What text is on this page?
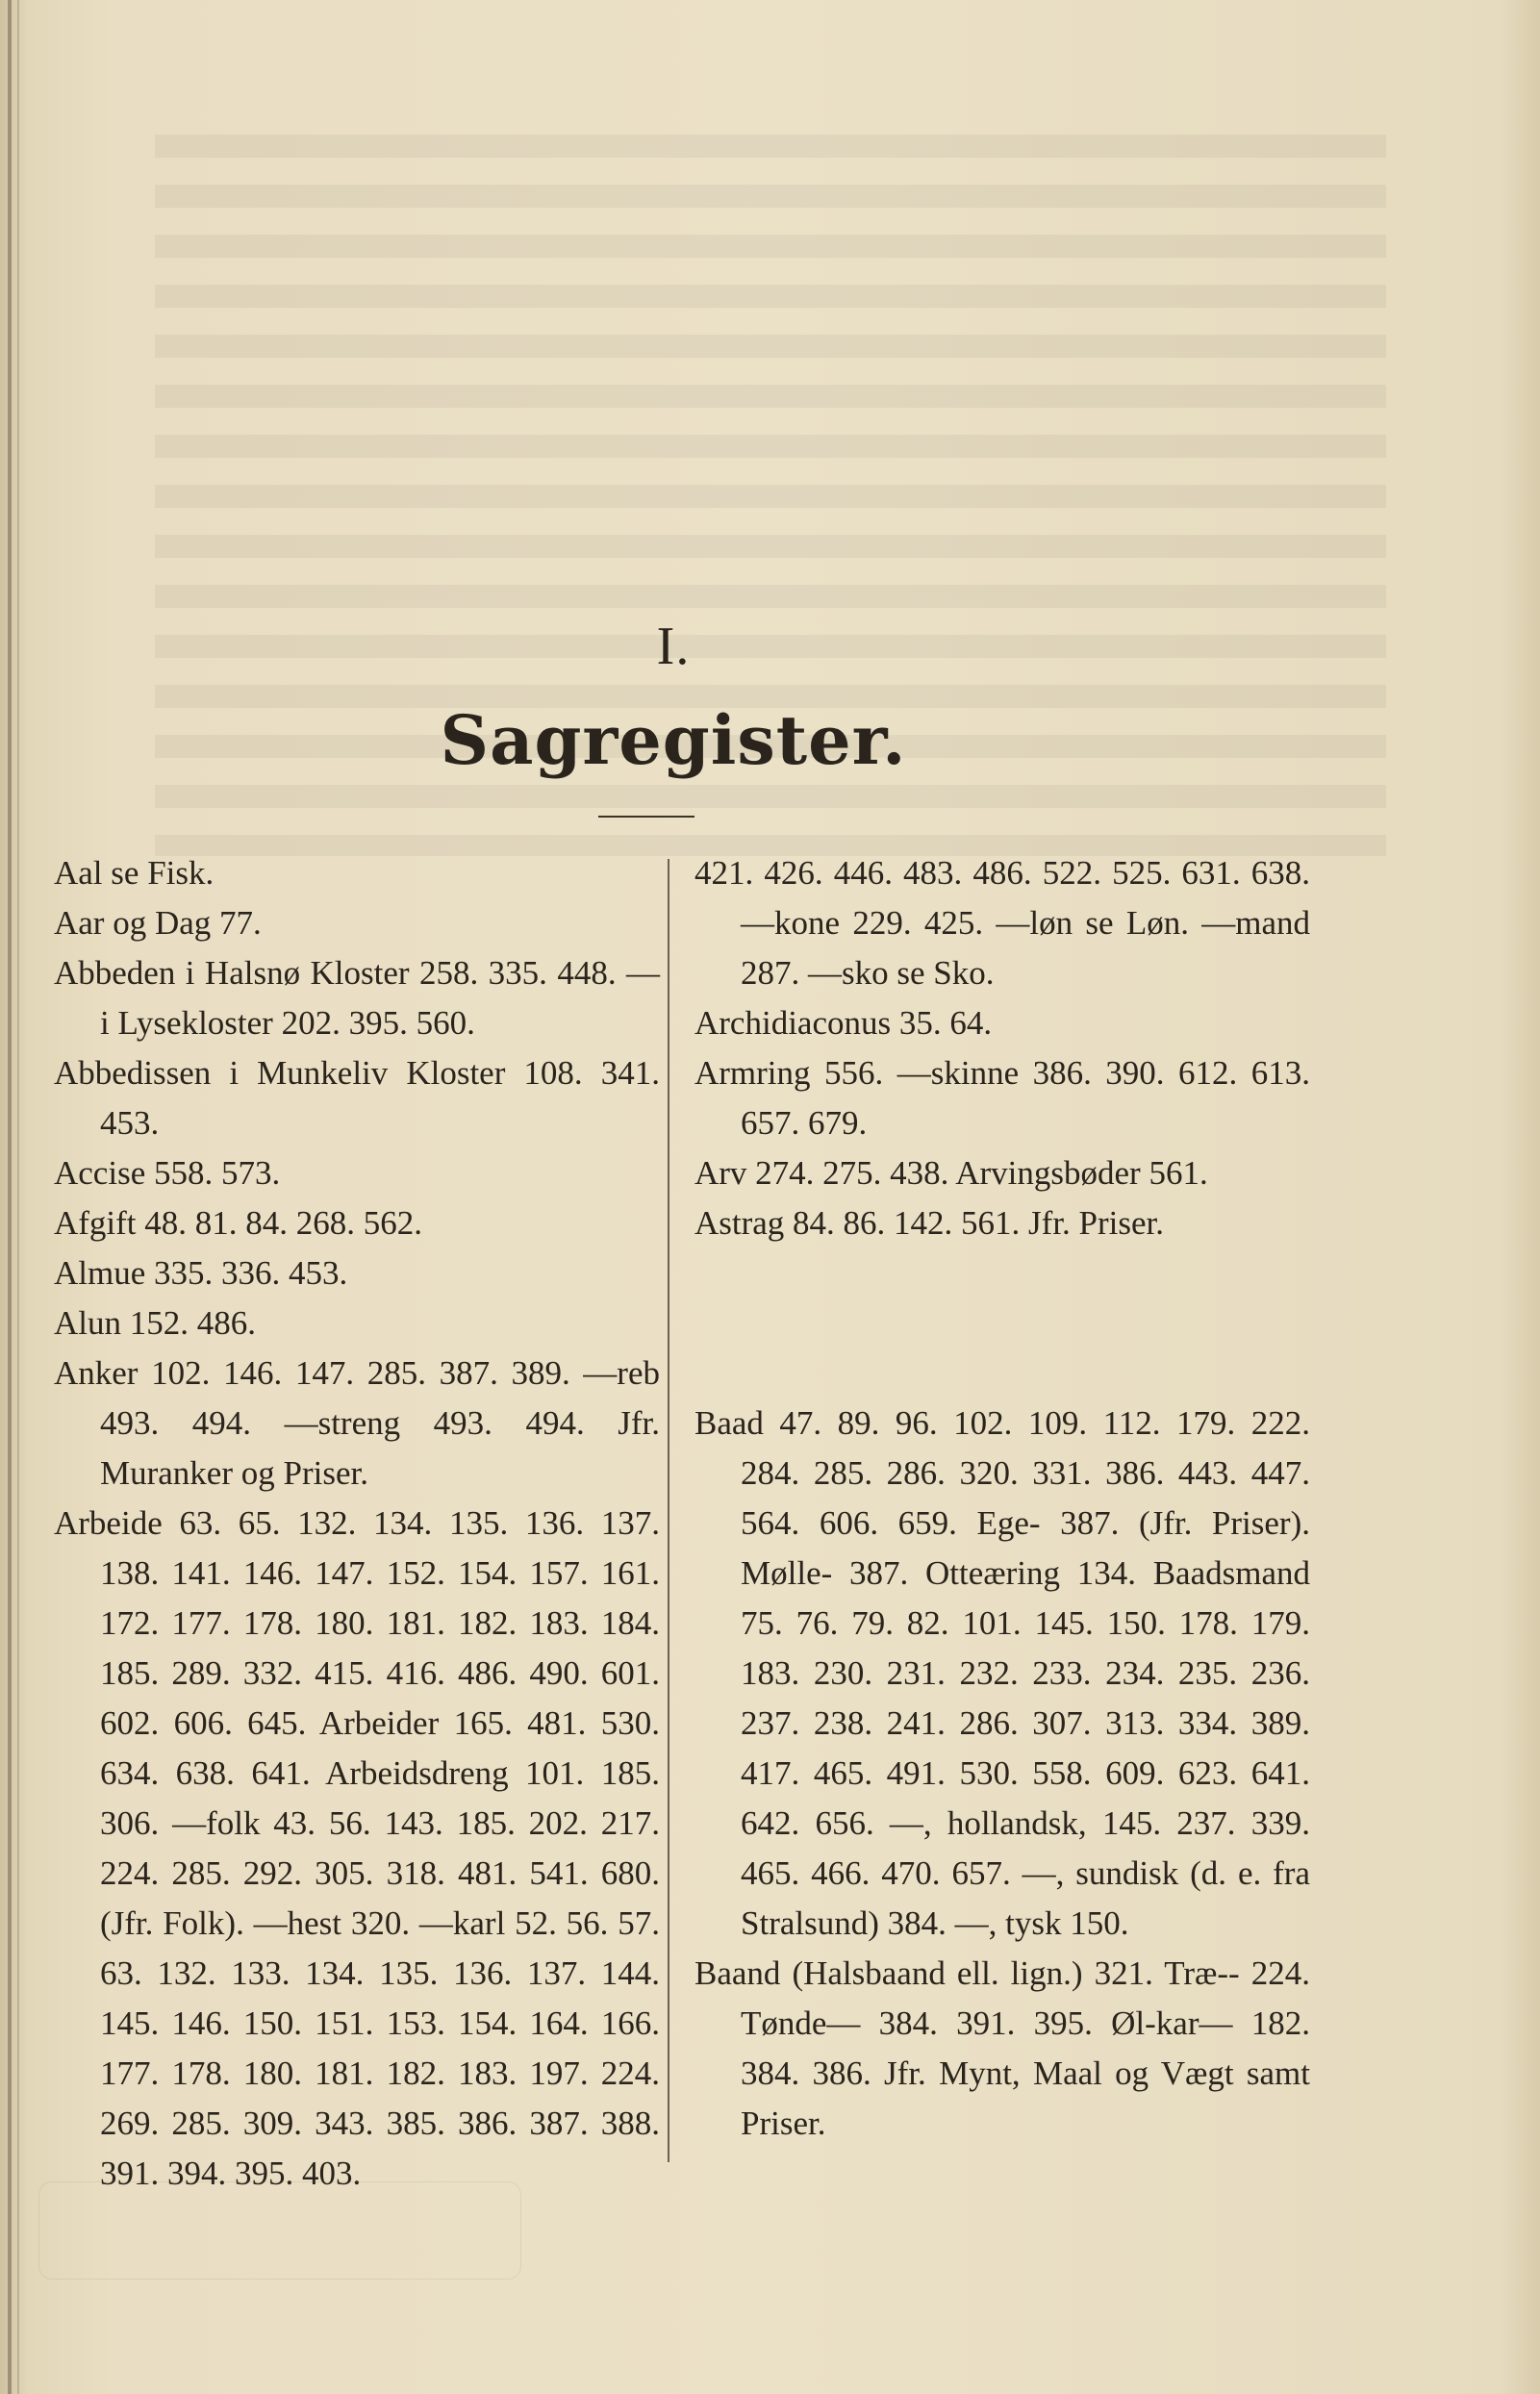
I.
Sagregister.
Aal se Fisk.
Aar og Dag 77.
Abbeden i Halsnø Kloster 258. 335. 448. — i Lyseklоster 202. 395. 560.
Abbedissen i Munkeliv Kloster 108. 341. 453.
Accise 558. 573.
Afgift 48. 81. 84. 268. 562.
Almue 335. 336. 453.
Alun 152. 486.
Anker 102. 146. 147. 285. 387. 389. —reb 493. 494. —streng 493. 494. Jfr. Muranker og Priser.
Arbeide 63. 65. 132. 134. 135. 136. 137. 138. 141. 146. 147. 152. 154. 157. 161. 172. 177. 178. 180. 181. 182. 183. 184. 185. 289. 332. 415. 416. 486. 490. 601. 602. 606. 645. Arbeider 165. 481. 530. 634. 638. 641. Arbeidsdreng 101. 185. 306. —folk 43. 56. 143. 185. 202. 217. 224. 285. 292. 305. 318. 481. 541. 680. (Jfr. Folk). —hest 320. —karl 52. 56. 57. 63. 132. 133. 134. 135. 136. 137. 144. 145. 146. 150. 151. 153. 154. 164. 166. 177. 178. 180. 181. 182. 183. 197. 224. 269. 285. 309. 343. 385. 386. 387. 388. 391. 394. 395. 403.
421. 426. 446. 483. 486. 522. 525. 631. 638. —kone 229. 425. —løn se Løn. —mand 287. —sko se Sko.
Archidiaconus 35. 64.
Armring 556. —skinne 386. 390. 612. 613. 657. 679.
Arv 274. 275. 438. Arvingsbøder 561.
Astrag 84. 86. 142. 561. Jfr. Priser.
Baad 47. 89. 96. 102. 109. 112. 179. 222. 284. 285. 286. 320. 331. 386. 443. 447. 564. 606. 659. Ege- 387. (Jfr. Priser). Mølle- 387. Otteæring 134. Baadsmand 75. 76. 79. 82. 101. 145. 150. 178. 179. 183. 230. 231. 232. 233. 234. 235. 236. 237. 238. 241. 286. 307. 313. 334. 389. 417. 465. 491. 530. 558. 609. 623. 641. 642. 656. —, hollandsk, 145. 237. 339. 465. 466. 470. 657. —, sundisk (d. e. fra Stralsund) 384. —, tysk 150.
Baand (Halsbaand ell. lign.) 321. Træ-- 224. Tønde— 384. 391. 395. Øl-kar— 182. 384. 386. Jfr. Mynt, Maal og Vægt samt Priser.
